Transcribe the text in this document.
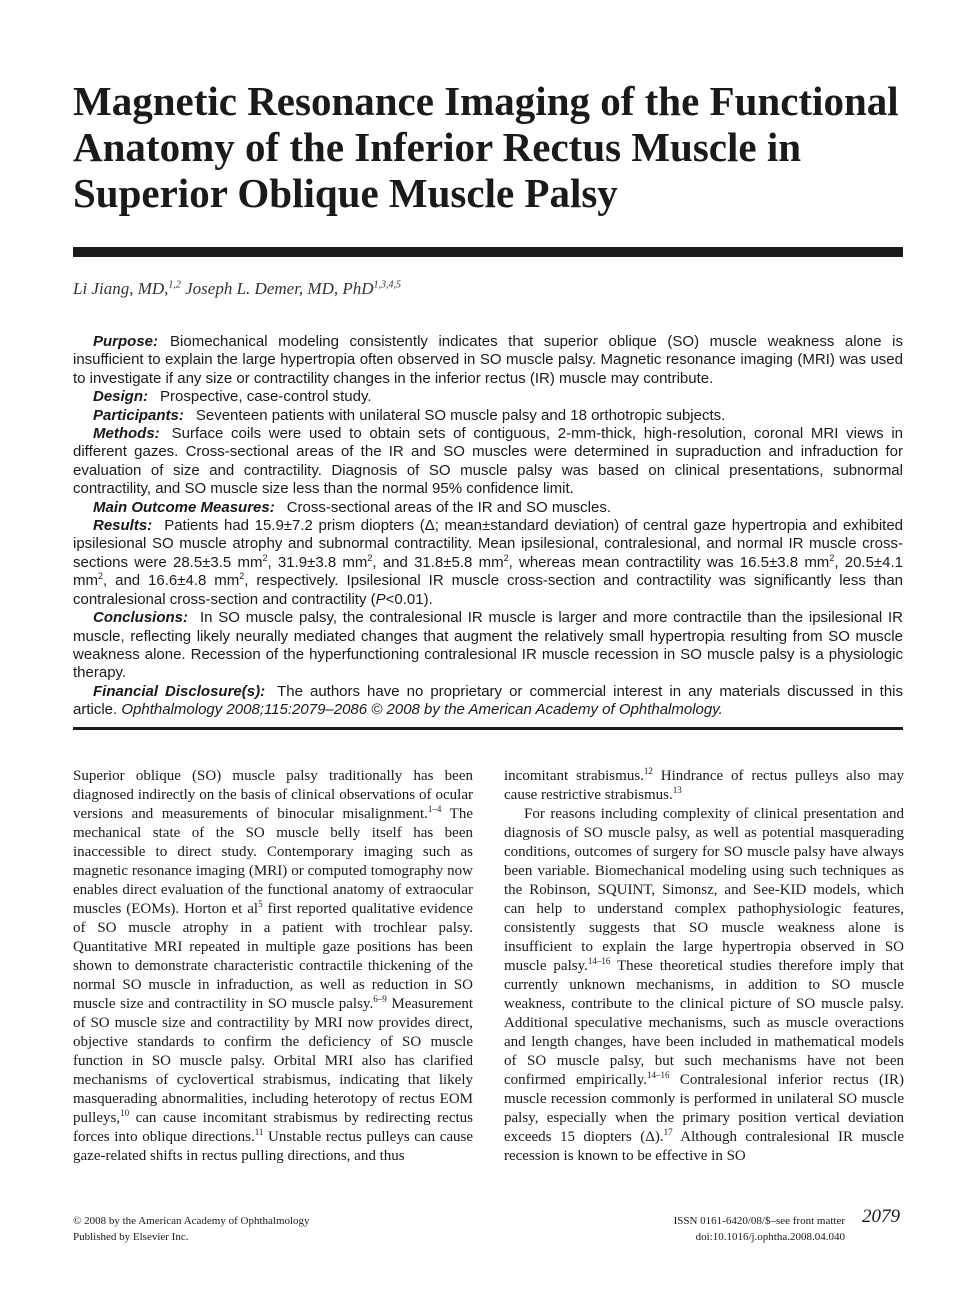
Magnetic Resonance Imaging of the Functional Anatomy of the Inferior Rectus Muscle in Superior Oblique Muscle Palsy

Li Jiang, MD,$^{1,2}$ Joseph L. Demer, MD, PhD$^{1,3,4,5}$

Purpose: Biomechanical modeling consistently indicates that superior oblique (SO) muscle weakness alone is insufficient to explain the large hypertropia often observed in SO muscle palsy. Magnetic resonance imaging (MRI) was used to investigate if any size or contractility changes in the inferior rectus (IR) muscle may contribute.

Design: Prospective, case-control study.

Participants: Seventeen patients with unilateral SO muscle palsy and 18 orthotropic subjects.

Methods: Surface coils were used to obtain sets of contiguous, 2-mm-thick, high-resolution, coronal MRI views in different gazes. Cross-sectional areas of the IR and SO muscles were determined in supraduction and infraduction for evaluation of size and contractility. Diagnosis of SO muscle palsy was based on clinical presentations, subnormal contractility, and SO muscle size less than the normal 95% confidence limit.

Main Outcome Measures: Cross-sectional areas of the IR and SO muscles.

Results: Patients had 15.9±7.2 prism diopters (Δ; mean±standard deviation) of central gaze hypertropia and exhibited ipsilesional SO muscle atrophy and subnormal contractility. Mean ipsilesional, contralesional, and normal IR muscle cross-sections were 28.5±3.5 $mm^2$, 31.9±3.8 $mm^2$, and 31.8±5.8 $mm^2$, whereas mean contractility was 16.5±3.8 $mm^2$, 20.5±4.1 $mm^2$, and 16.6±4.8 $mm^2$, respectively. Ipsilesional IR muscle cross-section and contractility was significantly less than contralesional cross-section and contractility (P<0.01).

Conclusions: In SO muscle palsy, the contralesional IR muscle is larger and more contractile than the ipsilesional IR muscle, reflecting likely neurally mediated changes that augment the relatively small hypertropia resulting from SO muscle weakness alone. Recession of the hyperfunctioning contralesional IR muscle recession in SO muscle palsy is a physiologic therapy.

Financial Disclosure(s): The authors have no proprietary or commercial interest in any materials discussed in this article. Ophthalmology 2008;115:2079–2086 © 2008 by the American Academy of Ophthalmology.

Superior oblique (SO) muscle palsy traditionally has been diagnosed indirectly on the basis of clinical observations of ocular versions and measurements of binocular misalignment.$^{1-4}$ The mechanical state of the SO muscle belly itself has been inaccessible to direct study. Contemporary imaging such as magnetic resonance imaging (MRI) or computed tomography now enables direct evaluation of the functional anatomy of extraocular muscles (EOMs). Horton et $al^5$ first reported qualitative evidence of SO muscle atrophy in a patient with trochlear palsy. Quantitative MRI repeated in multiple gaze positions has been shown to demonstrate characteristic contractile thickening of the normal SO muscle in infraduction, as well as reduction in SO muscle size and contractility in SO muscle palsy.$^{6-9}$ Measurement of SO muscle size and contractility by MRI now provides direct, objective standards to confirm the deficiency of SO muscle function in SO muscle palsy. Orbital MRI also has clarified mechanisms of cyclovertical strabismus, indicating that likely masquerading abnormalities, including heterotopy of rectus EOM pulleys,$^{10}$ can cause incomitant strabismus by redirecting rectus forces into oblique directions.$^{11}$ Unstable rectus pulleys can cause gaze-related shifts in rectus pulling directions, and thus

incomitant strabismus.$^{12}$ Hindrance of rectus pulleys also may cause restrictive strabismus.$^{13}$

For reasons including complexity of clinical presentation and diagnosis of SO muscle palsy, as well as potential masquerading conditions, outcomes of surgery for SO muscle palsy have always been variable. Biomechanical modeling using such techniques as the Robinson, SQUINT, Simonsz, and See-KID models, which can help to understand complex pathophysiologic features, consistently suggests that SO muscle weakness alone is insufficient to explain the large hypertropia observed in SO muscle palsy.$^{14-16}$ These theoretical studies therefore imply that currently unknown mechanisms, in addition to SO muscle weakness, contribute to the clinical picture of SO muscle palsy. Additional speculative mechanisms, such as muscle overactions and length changes, have been included in mathematical models of SO muscle palsy, but such mechanisms have not been confirmed empirically.$^{14-16}$ Contralesional inferior rectus (IR) muscle recession commonly is performed in unilateral SO muscle palsy, especially when the primary position vertical deviation exceeds 15 diopters (Δ).$^{17}$ Although contralesional IR muscle recession is known to be effective in SO

© 2008 by the American Academy of Ophthalmology
Published by Elsevier Inc.
ISSN 0161-6420/08/$–see front matter
doi:10.1016/j.ophtha.2008.04.040
2079
